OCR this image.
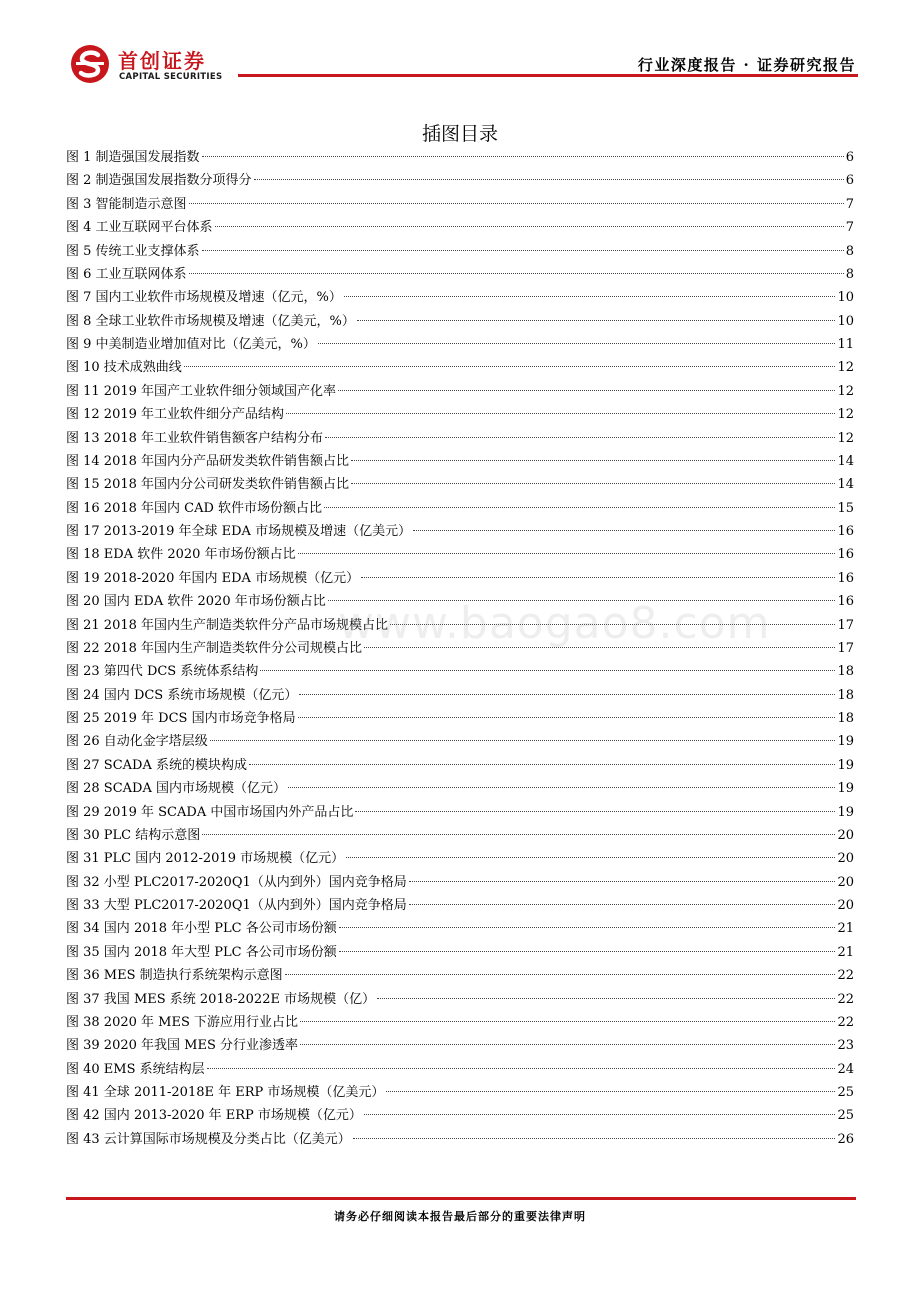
首创证券
CAPITAL SECURITIES
行业深度报告 · 证券研究报告
插图目录
图 1 制造强国发展指数	6
图 2 制造强国发展指数分项得分	6
图 3 智能制造示意图	7
图 4 工业互联网平台体系	7
图 5 传统工业支撑体系	8
图 6 工业互联网体系	8
图 7 国内工业软件市场规模及增速（亿元，%）	10
图 8 全球工业软件市场规模及增速（亿美元，%）	10
图 9 中美制造业增加值对比（亿美元，%）	11
图 10 技术成熟曲线	12
图 11 2019 年国产工业软件细分领域国产化率	12
图 12 2019 年工业软件细分产品结构	12
图 13 2018 年工业软件销售额客户结构分布	12
图 14 2018 年国内分产品研发类软件销售额占比	14
图 15 2018 年国内分公司研发类软件销售额占比	14
图 16 2018 年国内 CAD 软件市场份额占比	15
图 17 2013-2019 年全球 EDA 市场规模及增速（亿美元）	16
图 18 EDA 软件 2020 年市场份额占比	16
图 19 2018-2020 年国内 EDA 市场规模（亿元）	16
图 20 国内 EDA 软件 2020 年市场份额占比	16
图 21 2018 年国内生产制造类软件分产品市场规模占比	17
图 22 2018 年国内生产制造类软件分公司规模占比	17
图 23 第四代 DCS 系统体系结构	18
图 24 国内 DCS 系统市场规模（亿元）	18
图 25 2019 年 DCS 国内市场竞争格局	18
图 26 自动化金字塔层级	19
图 27 SCADA 系统的模块构成	19
图 28 SCADA 国内市场规模（亿元）	19
图 29 2019 年 SCADA 中国市场国内外产品占比	19
图 30 PLC 结构示意图	20
图 31 PLC 国内 2012-2019 市场规模（亿元）	20
图 32 小型 PLC2017-2020Q1（从内到外）国内竞争格局	20
图 33 大型 PLC2017-2020Q1（从内到外）国内竞争格局	20
图 34 国内 2018 年小型 PLC 各公司市场份额	21
图 35 国内 2018 年大型 PLC 各公司市场份额	21
图 36 MES 制造执行系统架构示意图	22
图 37 我国 MES 系统 2018-2022E 市场规模（亿）	22
图 38 2020 年 MES 下游应用行业占比	22
图 39 2020 年我国 MES 分行业渗透率	23
图 40 EMS 系统结构层	24
图 41 全球 2011-2018E 年 ERP 市场规模（亿美元）	25
图 42 国内 2013-2020 年 ERP 市场规模（亿元）	25
图 43 云计算国际市场规模及分类占比（亿美元）	26
www.baogao8.com
请务必仔细阅读本报告最后部分的重要法律声明
